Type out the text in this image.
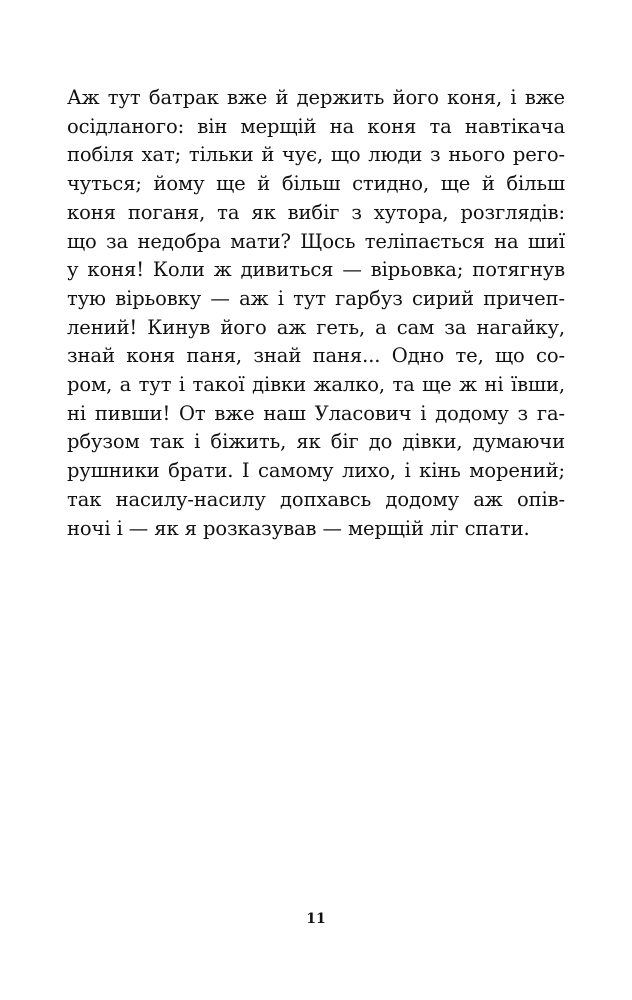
Аж тут батрак вже й держить його коня, і вже
осідланого: він мерщій на коня та навтікача
побіля хат; тільки й чує, що люди з нього рего-
чуться; йому ще й більш стидно, ще й більш
коня поганя, та як вибіг з хутора, розглядів:
що за недобра мати? Щось теліпається на шиї
у коня! Коли ж дивиться — вірьовка; потягнув
тую вірьовку — аж і тут гарбуз сирий причеп-
лений! Кинув його аж геть, а сам за нагайку,
знай коня паня, знай паня... Одно те, що со-
ром, а тут і такої дівки жалко, та ще ж ні ївши,
ні пивши! От вже наш Уласович і додому з га-
рбузом так і біжить, як біг до дівки, думаючи
рушники брати. І самому лихо, і кінь морений;
так насилу-насилу допхавсь додому аж опів-
ночі і — як я розказував — мерщій ліг спати.
11
